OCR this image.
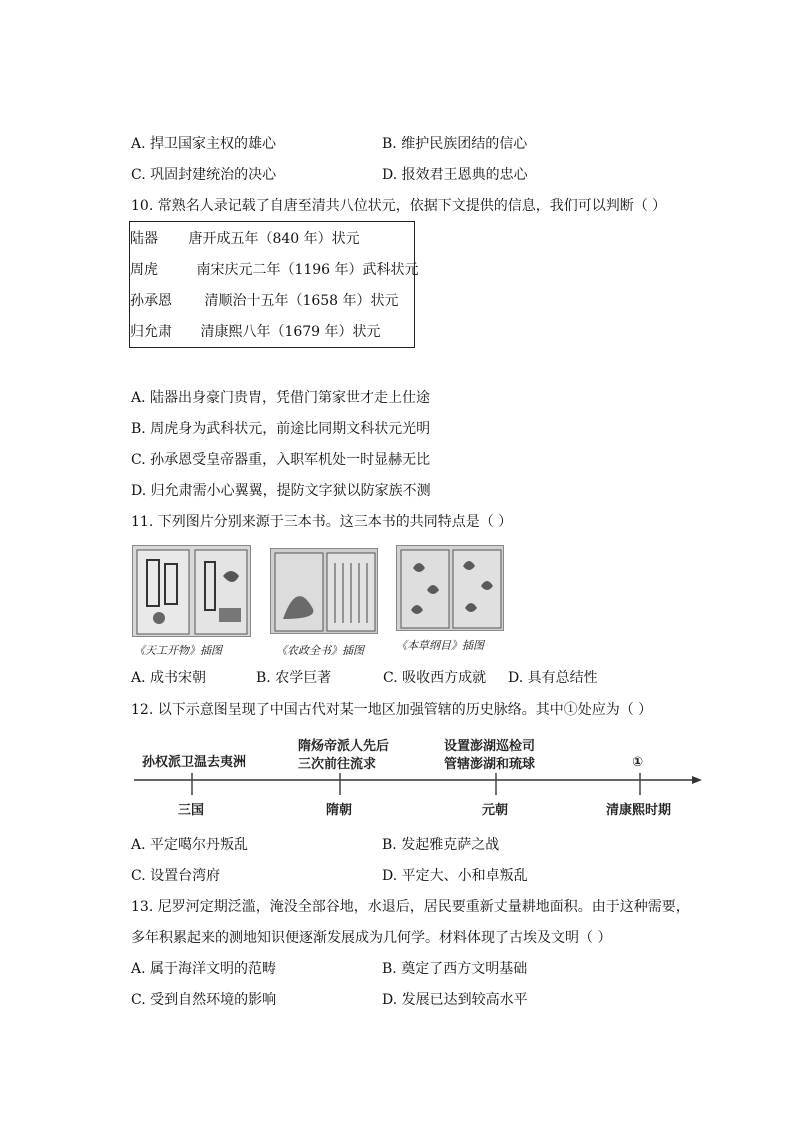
A. 捍卫国家主权的雄心	B. 维护民族团结的信心
C. 巩固封建统治的决心	D. 报效君王恩典的忠心
10. 常熟名人录记载了自唐至清共八位状元，依据下文提供的信息，我们可以判断（ ）
陆器 唐开成五年（840 年）状元
周虎	南宋庆元二年（1196 年）武科状元
孙承恩 清顺治十五年（1658 年）状元
归允肃 清康熙八年（1679 年）状元
A. 陆器出身豪门贵胄，凭借门第家世才走上仕途
B. 周虎身为武科状元，前途比同期文科状元光明
C. 孙承恩受皇帝器重，入职军机处一时显赫无比
D. 归允肃需小心翼翼，提防文字狱以防家族不测
11. 下列图片分别来源于三本书。这三本书的共同特点是（ ）
《天工开物》插图	《农政全书》插图	《本草纲目》插图
A. 成书宋朝	B. 农学巨著	C. 吸收西方成就 D. 具有总结性
12. 以下示意图呈现了中国古代对某一地区加强管辖的历史脉络。其中①处应为（ ）
孙权派卫温去夷洲
隋炀帝派人先后
三次前往流求
设置澎湖巡检司
管辖澎湖和琉球	①
三国	隋朝	元朝	清康熙时期
A. 平定噶尔丹叛乱	B. 发起雅克萨之战
C. 设置台湾府	D. 平定大、小和卓叛乱
13. 尼罗河定期泛滥，淹没全部谷地，水退后，居民要重新丈量耕地面积。由于这种需要，
多年积累起来的测地知识便逐渐发展成为几何学。材料体现了古埃及文明（ ）
A. 属于海洋文明的范畴	B. 奠定了西方文明基础
C. 受到自然环境的影响	D. 发展已达到较高水平
